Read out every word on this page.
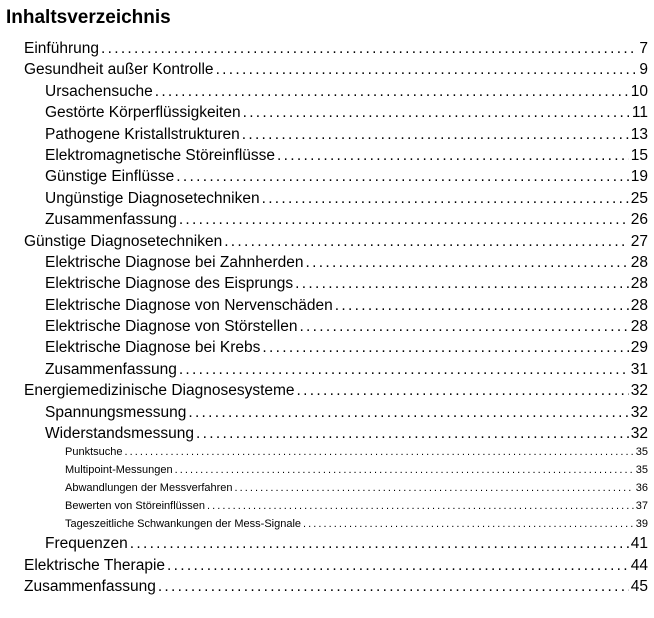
Inhaltsverzeichnis
Einführung . . .	7
Gesundheit außer Kontrolle . . .	9
Ursachensuche . . .	10
Gestörte Körperflüssigkeiten . . .	11
Pathogene Kristallstrukturen . . .	13
Elektromagnetische Störeinflüsse . . .	15
Günstige Einflüsse . . .	19
Ungünstige Diagnosetechniken . . .	25
Zusammenfassung . . .	26
Günstige Diagnosetechniken . . .	27
Elektrische Diagnose bei Zahnherden . . .	28
Elektrische Diagnose des Eisprungs . . .	28
Elektrische Diagnose von Nervenschäden . . .	28
Elektrische Diagnose von Störstellen . . .	28
Elektrische Diagnose bei Krebs . . .	29
Zusammenfassung . . .	31
Energiemedizinische Diagnosesysteme . . .	32
Spannungsmessung . . .	32
Widerstandsmessung . . .	32
Punktsuche . . .	35
Multipoint-Messungen . . .	35
Abwandlungen der Messverfahren . . .	36
Bewerten von Störeinflüssen . . .	37
Tageszeitliche Schwankungen der Mess-Signale . . .	39
Frequenzen . . .	41
Elektrische Therapie . . .	44
Zusammenfassung . . .	45
